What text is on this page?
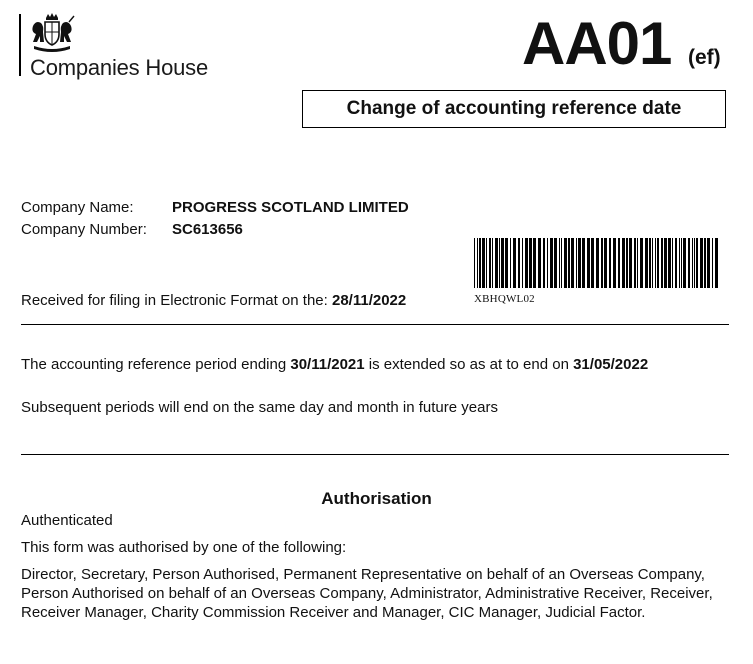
Companies House	AA01 (ef)
Change of accounting reference date
Company Name:	PROGRESS SCOTLAND LIMITED
Company Number: SC613656
XBHQWL02
Received for filing in Electronic Format on the: 28/11/2022
The accounting reference period ending 30/11/2021 is extended so as at to end on 31/05/2022
Subsequent periods will end on the same day and month in future years
Authorisation
Authenticated
This form was authorised by one of the following:
Director, Secretary, Person Authorised, Permanent Representative on behalf of an Overseas Company, Person Authorised on behalf of an Overseas Company, Administrator, Administrative Receiver, Receiver, Receiver Manager, Charity Commission Receiver and Manager, CIC Manager, Judicial Factor.
